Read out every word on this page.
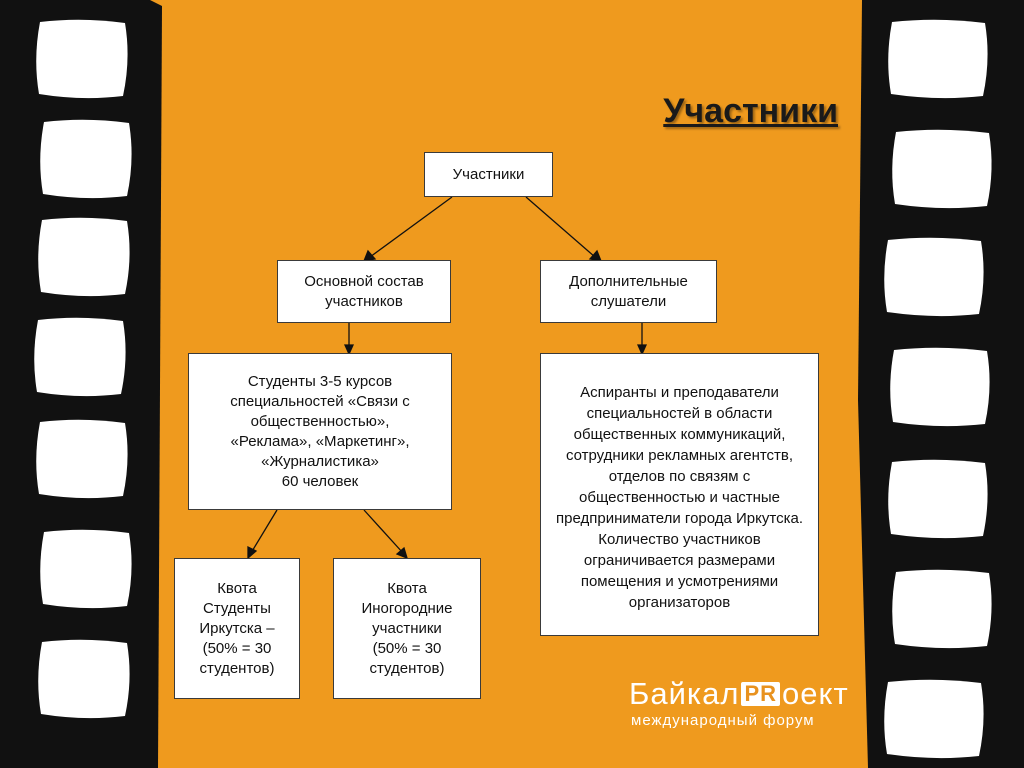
Участники
Участники
Основной состав участников
Дополнительные слушатели
Студенты 3-5 курсов специальностей «Связи с общественностью»,
«Реклама», «Маркетинг»,
«Журналистика»
60 человек
Аспиранты и преподаватели специальностей в области общественных коммуникаций, сотрудники рекламных агентств, отделов по связям с общественностью и частные предприниматели города Иркутска. Количество участников ограничивается размерами помещения и усмотрениями организаторов
Квота
Студенты
Иркутска –
(50% = 30
студентов)
Квота
Иногородние
участники
(50% = 30
студентов)
Байкал PR оект
международный форум
